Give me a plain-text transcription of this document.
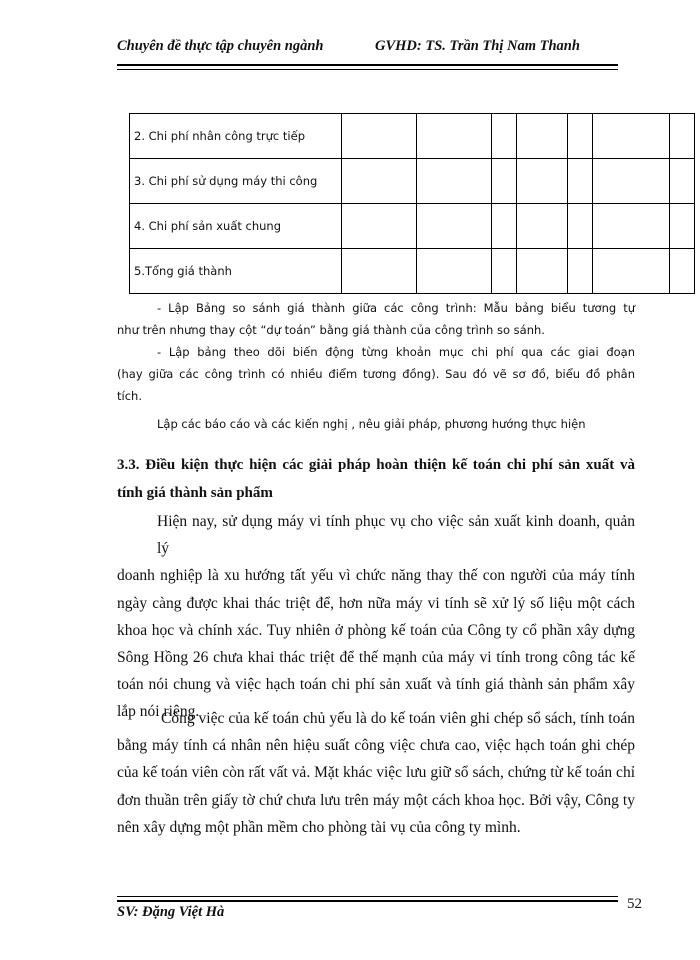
Chuyên đề thực tập chuyên ngành	GVHD: TS. Trần Thị Nam Thanh
2. Chi phí nhân công trực tiếp							
3. Chi phí sử dụng máy thi công							
4. Chi phí sản xuất chung							
5.Tổng giá thành							
- Lập Bảng so sánh giá thành giữa các công trình: Mẫu bảng biểu tương tự
như trên nhưng thay cột “dự toán” bằng giá thành của công trình so sánh.
- Lập bảng theo dõi biến động từng khoản mục chi phí qua các giai đoạn
(hay giữa các công trình có nhiều điểm tương đồng). Sau đó vẽ sơ đồ, biểu đồ phân
tích.
Lập các báo cáo và các kiến nghị , nêu giải pháp, phương hướng thực hiện
3.3. Điều kiện thực hiện các giải pháp hoàn thiện kế toán chi phí sản xuất và
tính giá thành sản phẩm
Hiện nay, sử dụng máy vi tính phục vụ cho việc sản xuất kinh doanh, quản lý
doanh nghiệp là xu hướng tất yếu vì chức năng thay thế con người của máy tính
ngày càng được khai thác triệt để, hơn nữa máy vi tính sẽ xử lý số liệu một cách
khoa học và chính xác. Tuy nhiên ở phòng kế toán của Công ty cổ phần xây dựng
Sông Hồng 26 chưa khai thác triệt để thế mạnh của máy vi tính trong công tác kế
toán nói chung và việc hạch toán chi phí sản xuất và tính giá thành sản phẩm xây
lắp nói riêng.
Công việc của kế toán chủ yếu là do kế toán viên ghi chép sổ sách, tính toán
bằng máy tính cá nhân nên hiệu suất công việc chưa cao, việc hạch toán ghi chép
của kế toán viên còn rất vất vả. Mặt khác việc lưu giữ sổ sách, chứng từ kế toán chỉ
đơn thuần trên giấy tờ chứ chưa lưu trên máy một cách khoa học. Bởi vậy, Công ty
nên xây dựng một phần mềm cho phòng tài vụ của công ty mình.
SV: Đặng Việt Hà	52
